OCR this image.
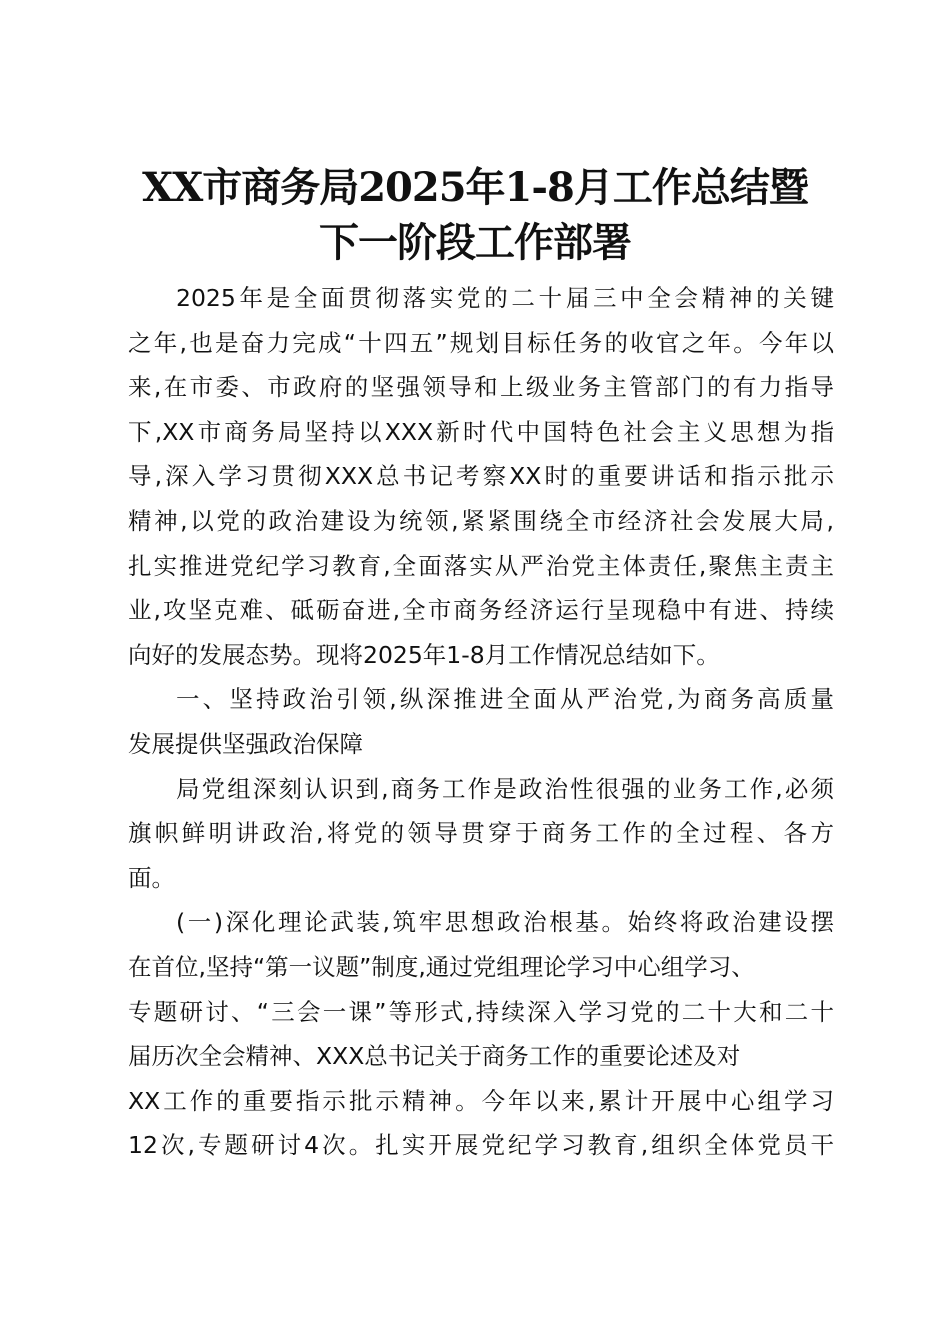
XX市商务局2025年1-8月工作总结暨
下一阶段工作部署
2025年是全面贯彻落实党的二十届三中全会精神的关键
之年,也是奋力完成“十四五”规划目标任务的收官之年。今年以
来,在市委、市政府的坚强领导和上级业务主管部门的有力指导
下,XX市商务局坚持以XXX新时代中国特色社会主义思想为指
导,深入学习贯彻XXX总书记考察XX时的重要讲话和指示批示
精神,以党的政治建设为统领,紧紧围绕全市经济社会发展大局,
扎实推进党纪学习教育,全面落实从严治党主体责任,聚焦主责主
业,攻坚克难、砥砺奋进,全市商务经济运行呈现稳中有进、持续
向好的发展态势。现将2025年1-8月工作情况总结如下。
一、坚持政治引领,纵深推进全面从严治党,为商务高质量
发展提供坚强政治保障
局党组深刻认识到,商务工作是政治性很强的业务工作,必须
旗帜鲜明讲政治,将党的领导贯穿于商务工作的全过程、各方
面。
(一)深化理论武装,筑牢思想政治根基。始终将政治建设摆
在首位,坚持“第一议题”制度,通过党组理论学习中心组学习、
专题研讨、“三会一课”等形式,持续深入学习党的二十大和二十
届历次全会精神、XXX总书记关于商务工作的重要论述及对
XX工作的重要指示批示精神。今年以来,累计开展中心组学习
12次,专题研讨4次。扎实开展党纪学习教育,组织全体党员干
